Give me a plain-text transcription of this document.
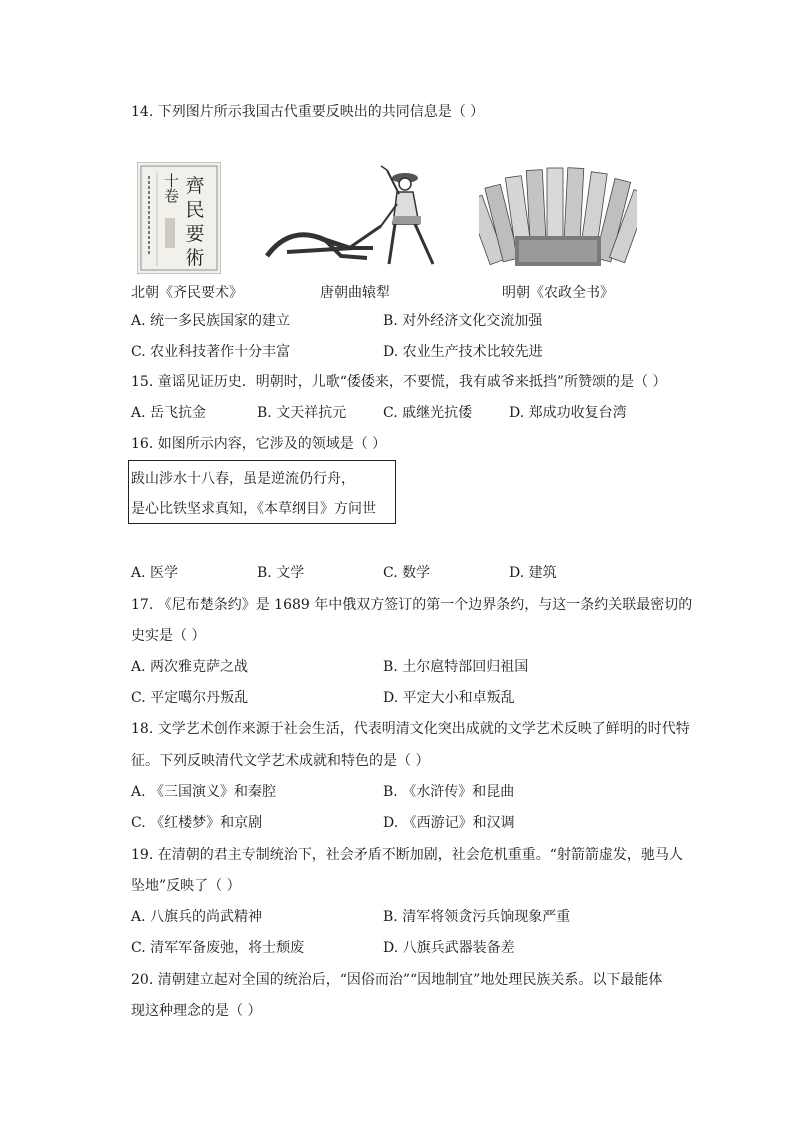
14. 下列图片所示我国古代重要反映出的共同信息是（ ）
齊
民
要
術
十卷
北朝《齐民要术》	唐朝曲辕犁	明朝《农政全书》
A. 统一多民族国家的建立	B. 对外经济文化交流加强
C. 农业科技著作十分丰富	D. 农业生产技术比较先进
15. 童谣见证历史．明朝时，儿歌“倭倭来，不要慌，我有戚爷来抵挡”所赞颂的是（ ）
A. 岳飞抗金	B. 文天祥抗元	C. 戚继光抗倭	D. 郑成功收复台湾
16. 如图所示内容，它涉及的领域是（ ）
跋山涉水十八春，虽是逆流仍行舟，
是心比铁坚求真知，《本草纲目》方问世
A. 医学	B. 文学	C. 数学	D. 建筑
17. 《尼布楚条约》是 1689 年中俄双方签订的第一个边界条约，与这一条约关联最密切的
史实是（ ）
A. 两次雅克萨之战	B. 土尔扈特部回归祖国
C. 平定噶尔丹叛乱	D. 平定大小和卓叛乱
18. 文学艺术创作来源于社会生活，代表明清文化突出成就的文学艺术反映了鲜明的时代特
征。下列反映清代文学艺术成就和特色的是（ ）
A. 《三国演义》和秦腔	B. 《水浒传》和昆曲
C. 《红楼梦》和京剧	D. 《西游记》和汉调
19. 在清朝的君主专制统治下，社会矛盾不断加剧，社会危机重重。“射箭箭虚发，驰马人
坠地”反映了（ ）
A. 八旗兵的尚武精神	B. 清军将领贪污兵饷现象严重
C. 清军军备废弛，将士颓废	D. 八旗兵武器装备差
20. 清朝建立起对全国的统治后，“因俗而治”“因地制宜”地处理民族关系。以下最能体
现这种理念的是（ ）
